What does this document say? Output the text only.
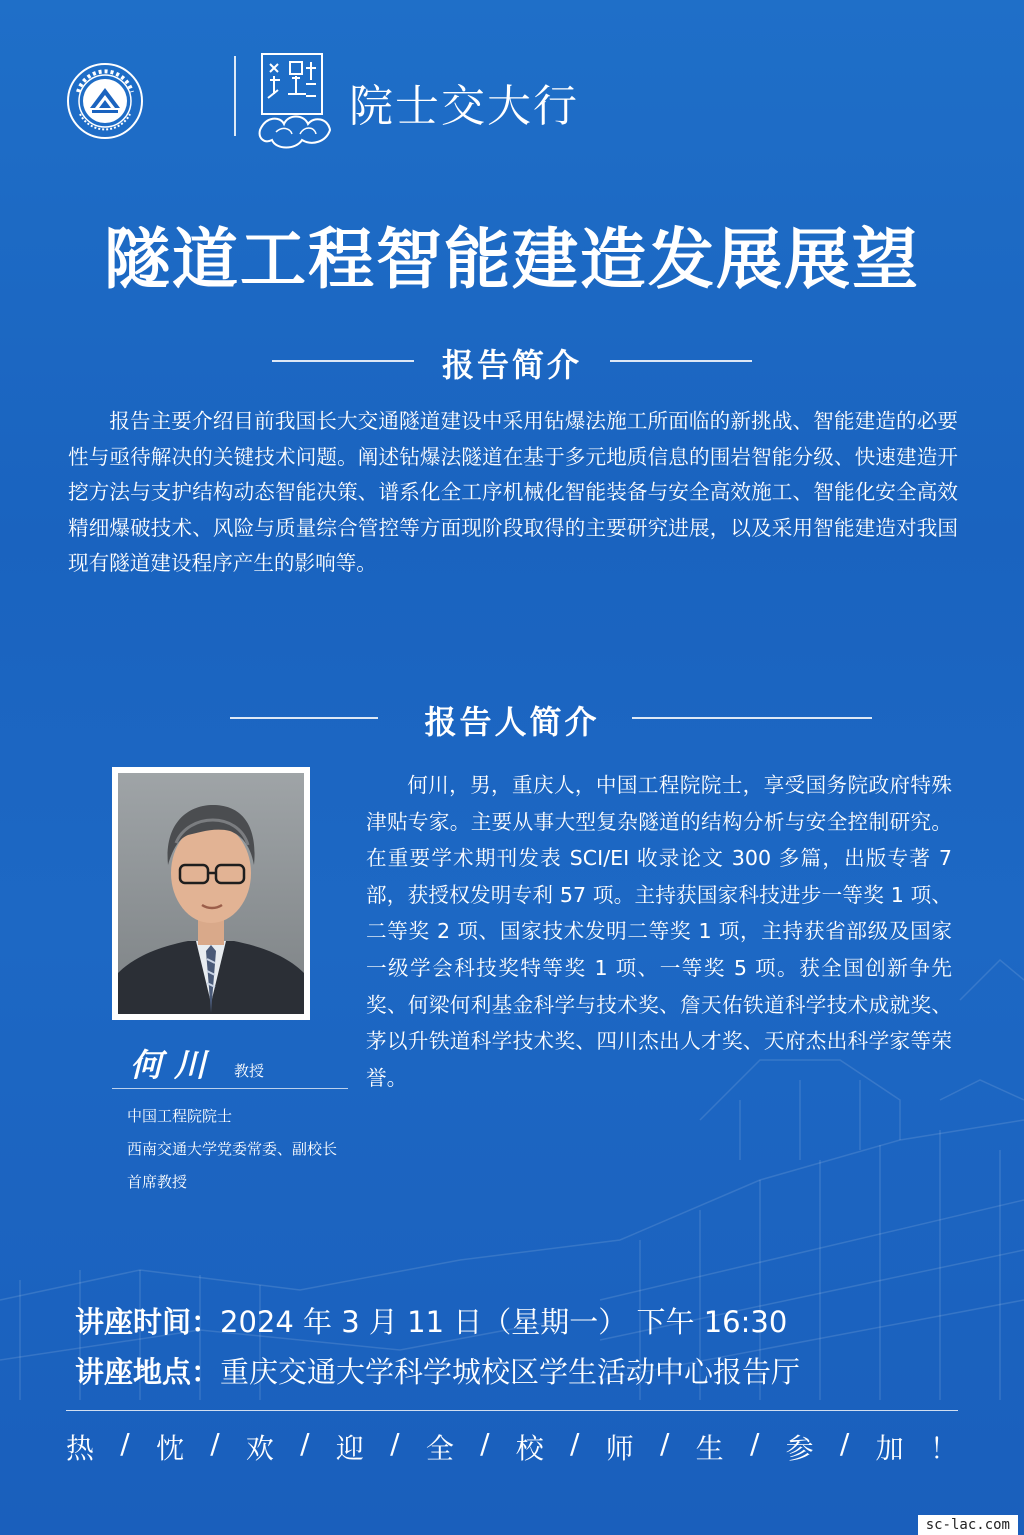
院士交大行
隧道工程智能建造发展展望
报告简介
报告主要介绍目前我国长大交通隧道建设中采用钻爆法施工所面临的新挑战、智能建造的必要性与亟待解决的关键技术问题。阐述钻爆法隧道在基于多元地质信息的围岩智能分级、快速建造开挖方法与支护结构动态智能决策、谱系化全工序机械化智能装备与安全高效施工、智能化安全高效精细爆破技术、风险与质量综合管控等方面现阶段取得的主要研究进展，以及采用智能建造对我国现有隧道建设程序产生的影响等。
报告人简介
何川 教授
中国工程院院士
西南交通大学党委常委、副校长
首席教授
何川，男，重庆人，中国工程院院士，享受国务院政府特殊津贴专家。主要从事大型复杂隧道的结构分析与安全控制研究。在重要学术期刊发表 SCI/EI 收录论文 300 多篇，出版专著 7 部，获授权发明专利 57 项。主持获国家科技进步一等奖 1 项、二等奖 2 项、国家技术发明二等奖 1 项，主持获省部级及国家一级学会科技奖特等奖 1 项、一等奖 5 项。获全国创新争先奖、何梁何利基金科学与技术奖、詹天佑铁道科学技术成就奖、茅以升铁道科学技术奖、四川杰出人才奖、天府杰出科学家等荣誉。
讲座时间：2024 年 3 月 11 日（星期一） 下午 16:30
讲座地点：重庆交通大学科学城校区学生活动中心报告厅
热 / 忱 / 欢 / 迎 / 全 / 校 / 师 / 生 / 参 / 加 ！
sc-lac.com
